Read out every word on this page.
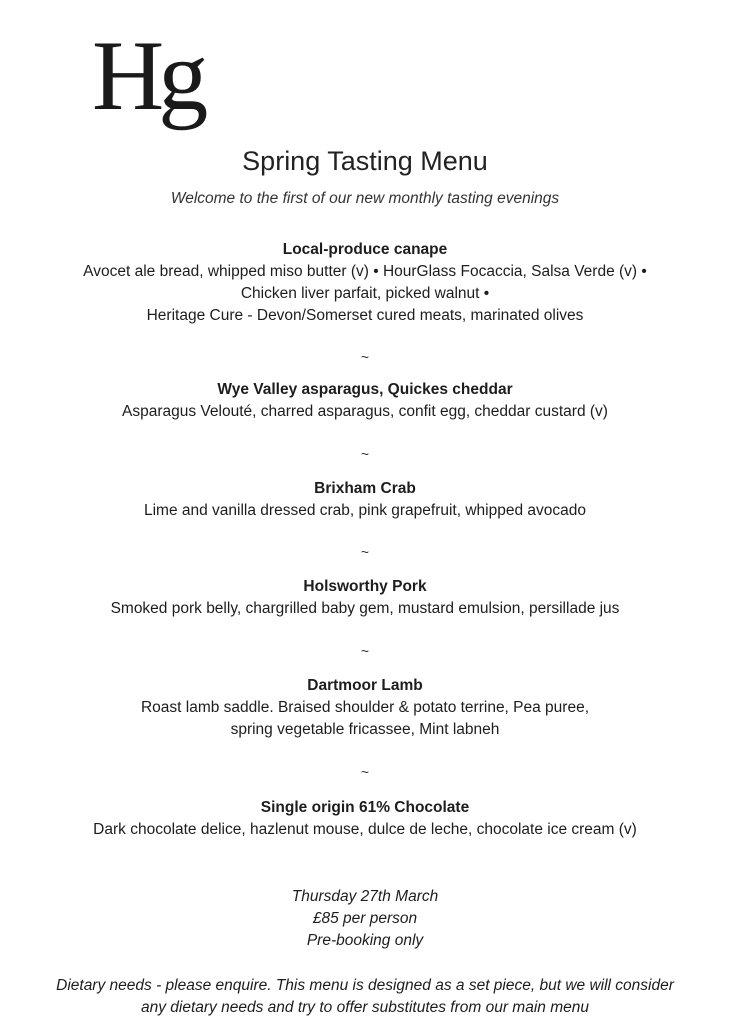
Hg
Spring Tasting Menu
Welcome to the first of our new monthly tasting evenings
Local-produce canape
Avocet ale bread, whipped miso butter (v) • HourGlass Focaccia, Salsa Verde (v) •
Chicken liver parfait, picked walnut •
Heritage Cure - Devon/Somerset cured meats, marinated olives
~
Wye Valley asparagus, Quickes cheddar
Asparagus Velouté, charred asparagus, confit egg, cheddar custard (v)
~
Brixham Crab
Lime and vanilla dressed crab, pink grapefruit, whipped avocado
~
Holsworthy Pork
Smoked pork belly, chargrilled baby gem, mustard emulsion, persillade jus
~
Dartmoor Lamb
Roast lamb saddle. Braised shoulder & potato terrine, Pea puree,
spring vegetable fricassee, Mint labneh
~
Single origin 61% Chocolate
Dark chocolate delice, hazlenut mouse, dulce de leche, chocolate ice cream (v)
Thursday 27th March
£85 per person
Pre-booking only
Dietary needs - please enquire. This menu is designed as a set piece, but we will consider
any dietary needs and try to offer substitutes from our main menu
